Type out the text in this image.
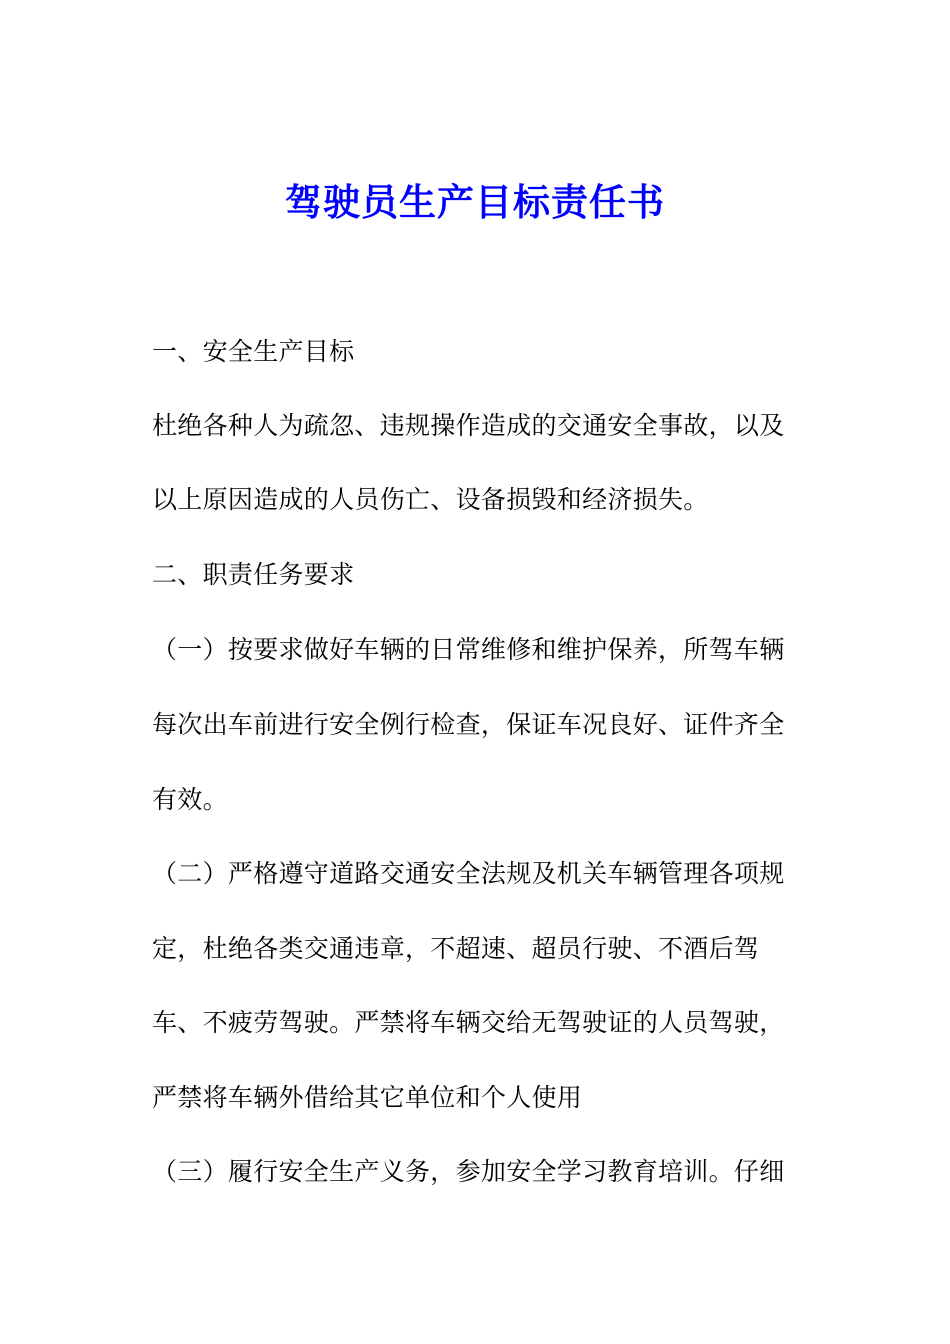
驾驶员生产目标责任书
一、安全生产目标
杜绝各种人为疏忽、违规操作造成的交通安全事故，以及
以上原因造成的人员伤亡、设备损毁和经济损失。
二、职责任务要求
（一）按要求做好车辆的日常维修和维护保养，所驾车辆
每次出车前进行安全例行检查，保证车况良好、证件齐全
有效。
（二）严格遵守道路交通安全法规及机关车辆管理各项规
定，杜绝各类交通违章，不超速、超员行驶、不酒后驾
车、不疲劳驾驶。严禁将车辆交给无驾驶证的人员驾驶，
严禁将车辆外借给其它单位和个人使用
（三）履行安全生产义务，参加安全学习教育培训。仔细
